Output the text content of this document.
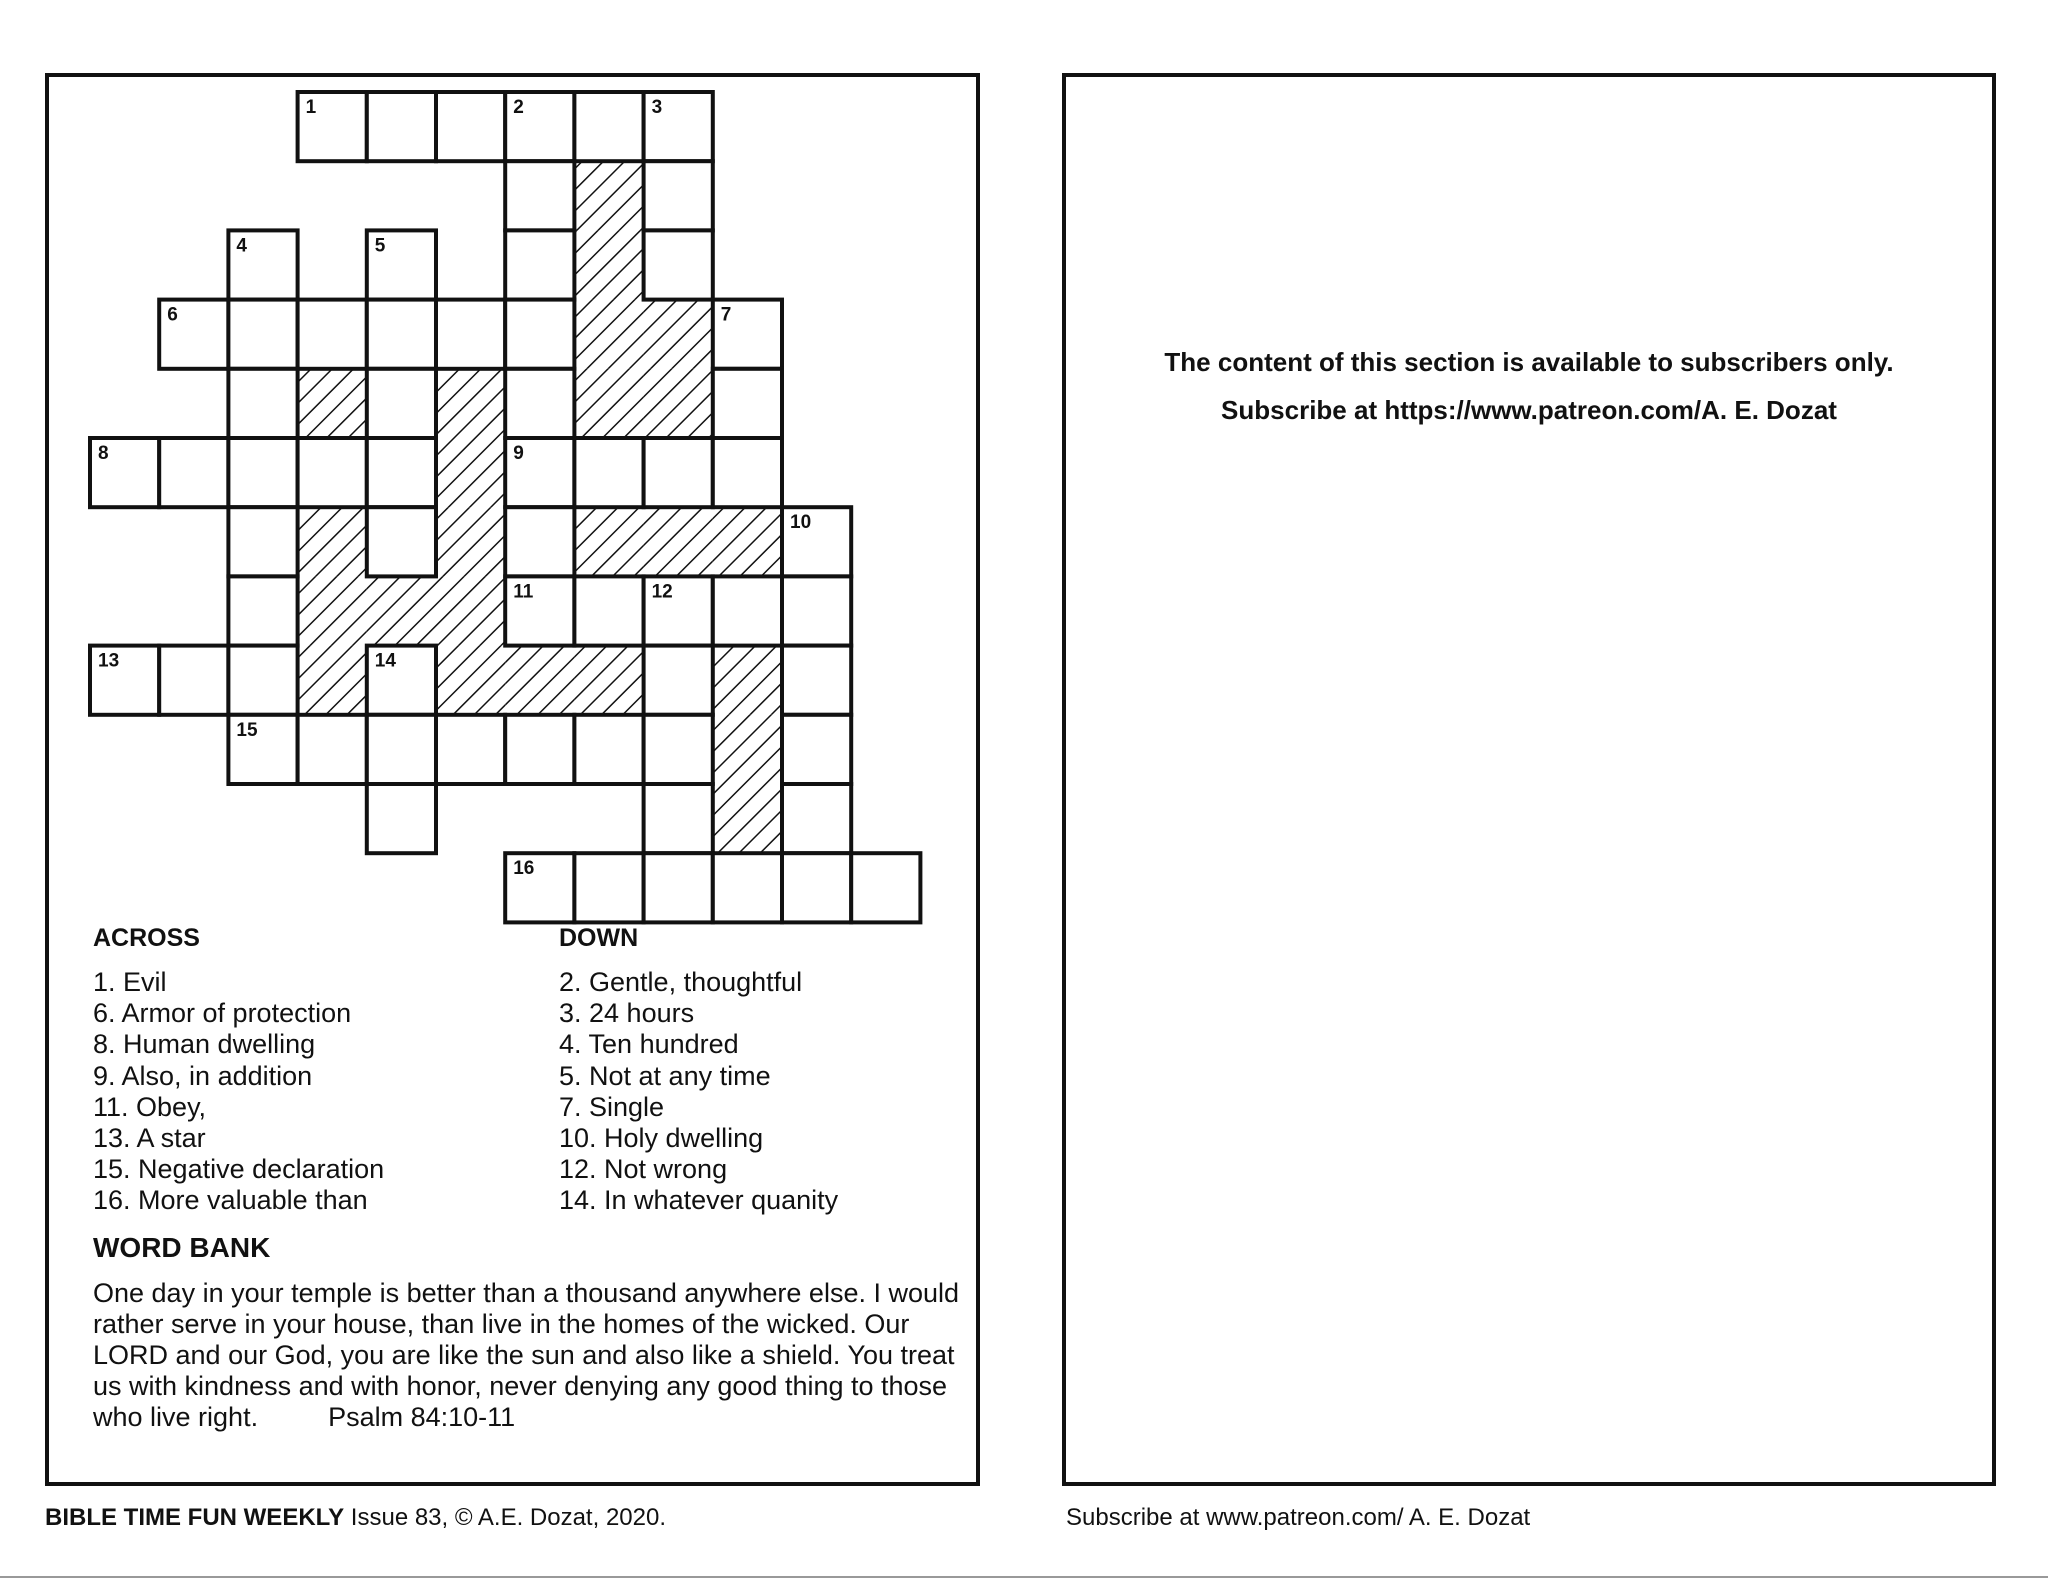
1	2	3
4	5
6	7
8	9
10
11	12
13	14
15
16
ACROSS	DOWN
1. Evil
6. Armor of protection
8. Human dwelling
9. Also, in addition
11. Obey,
13. A star
15. Negative declaration
16. More valuable than
2. Gentle, thoughtful
3. 24 hours
4. Ten hundred
5. Not at any time
7. Single
10. Holy dwelling
12. Not wrong
14. In whatever quanity
WORD BANK
One day in your temple is better than a thousand anywhere else. I would rather serve in your house, than live in the homes of the wicked. Our LORD and our God, you are like the sun and also like a shield. You treat us with kindness and with honor, never denying any good thing to those who live right.	Psalm 84:10-11
The content of this section is available to subscribers only.
Subscribe at https://www.patreon.com/A. E. Dozat
BIBLE TIME FUN WEEKLY Issue 83, © A.E. Dozat, 2020.	Subscribe at www.patreon.com/ A. E. Dozat
